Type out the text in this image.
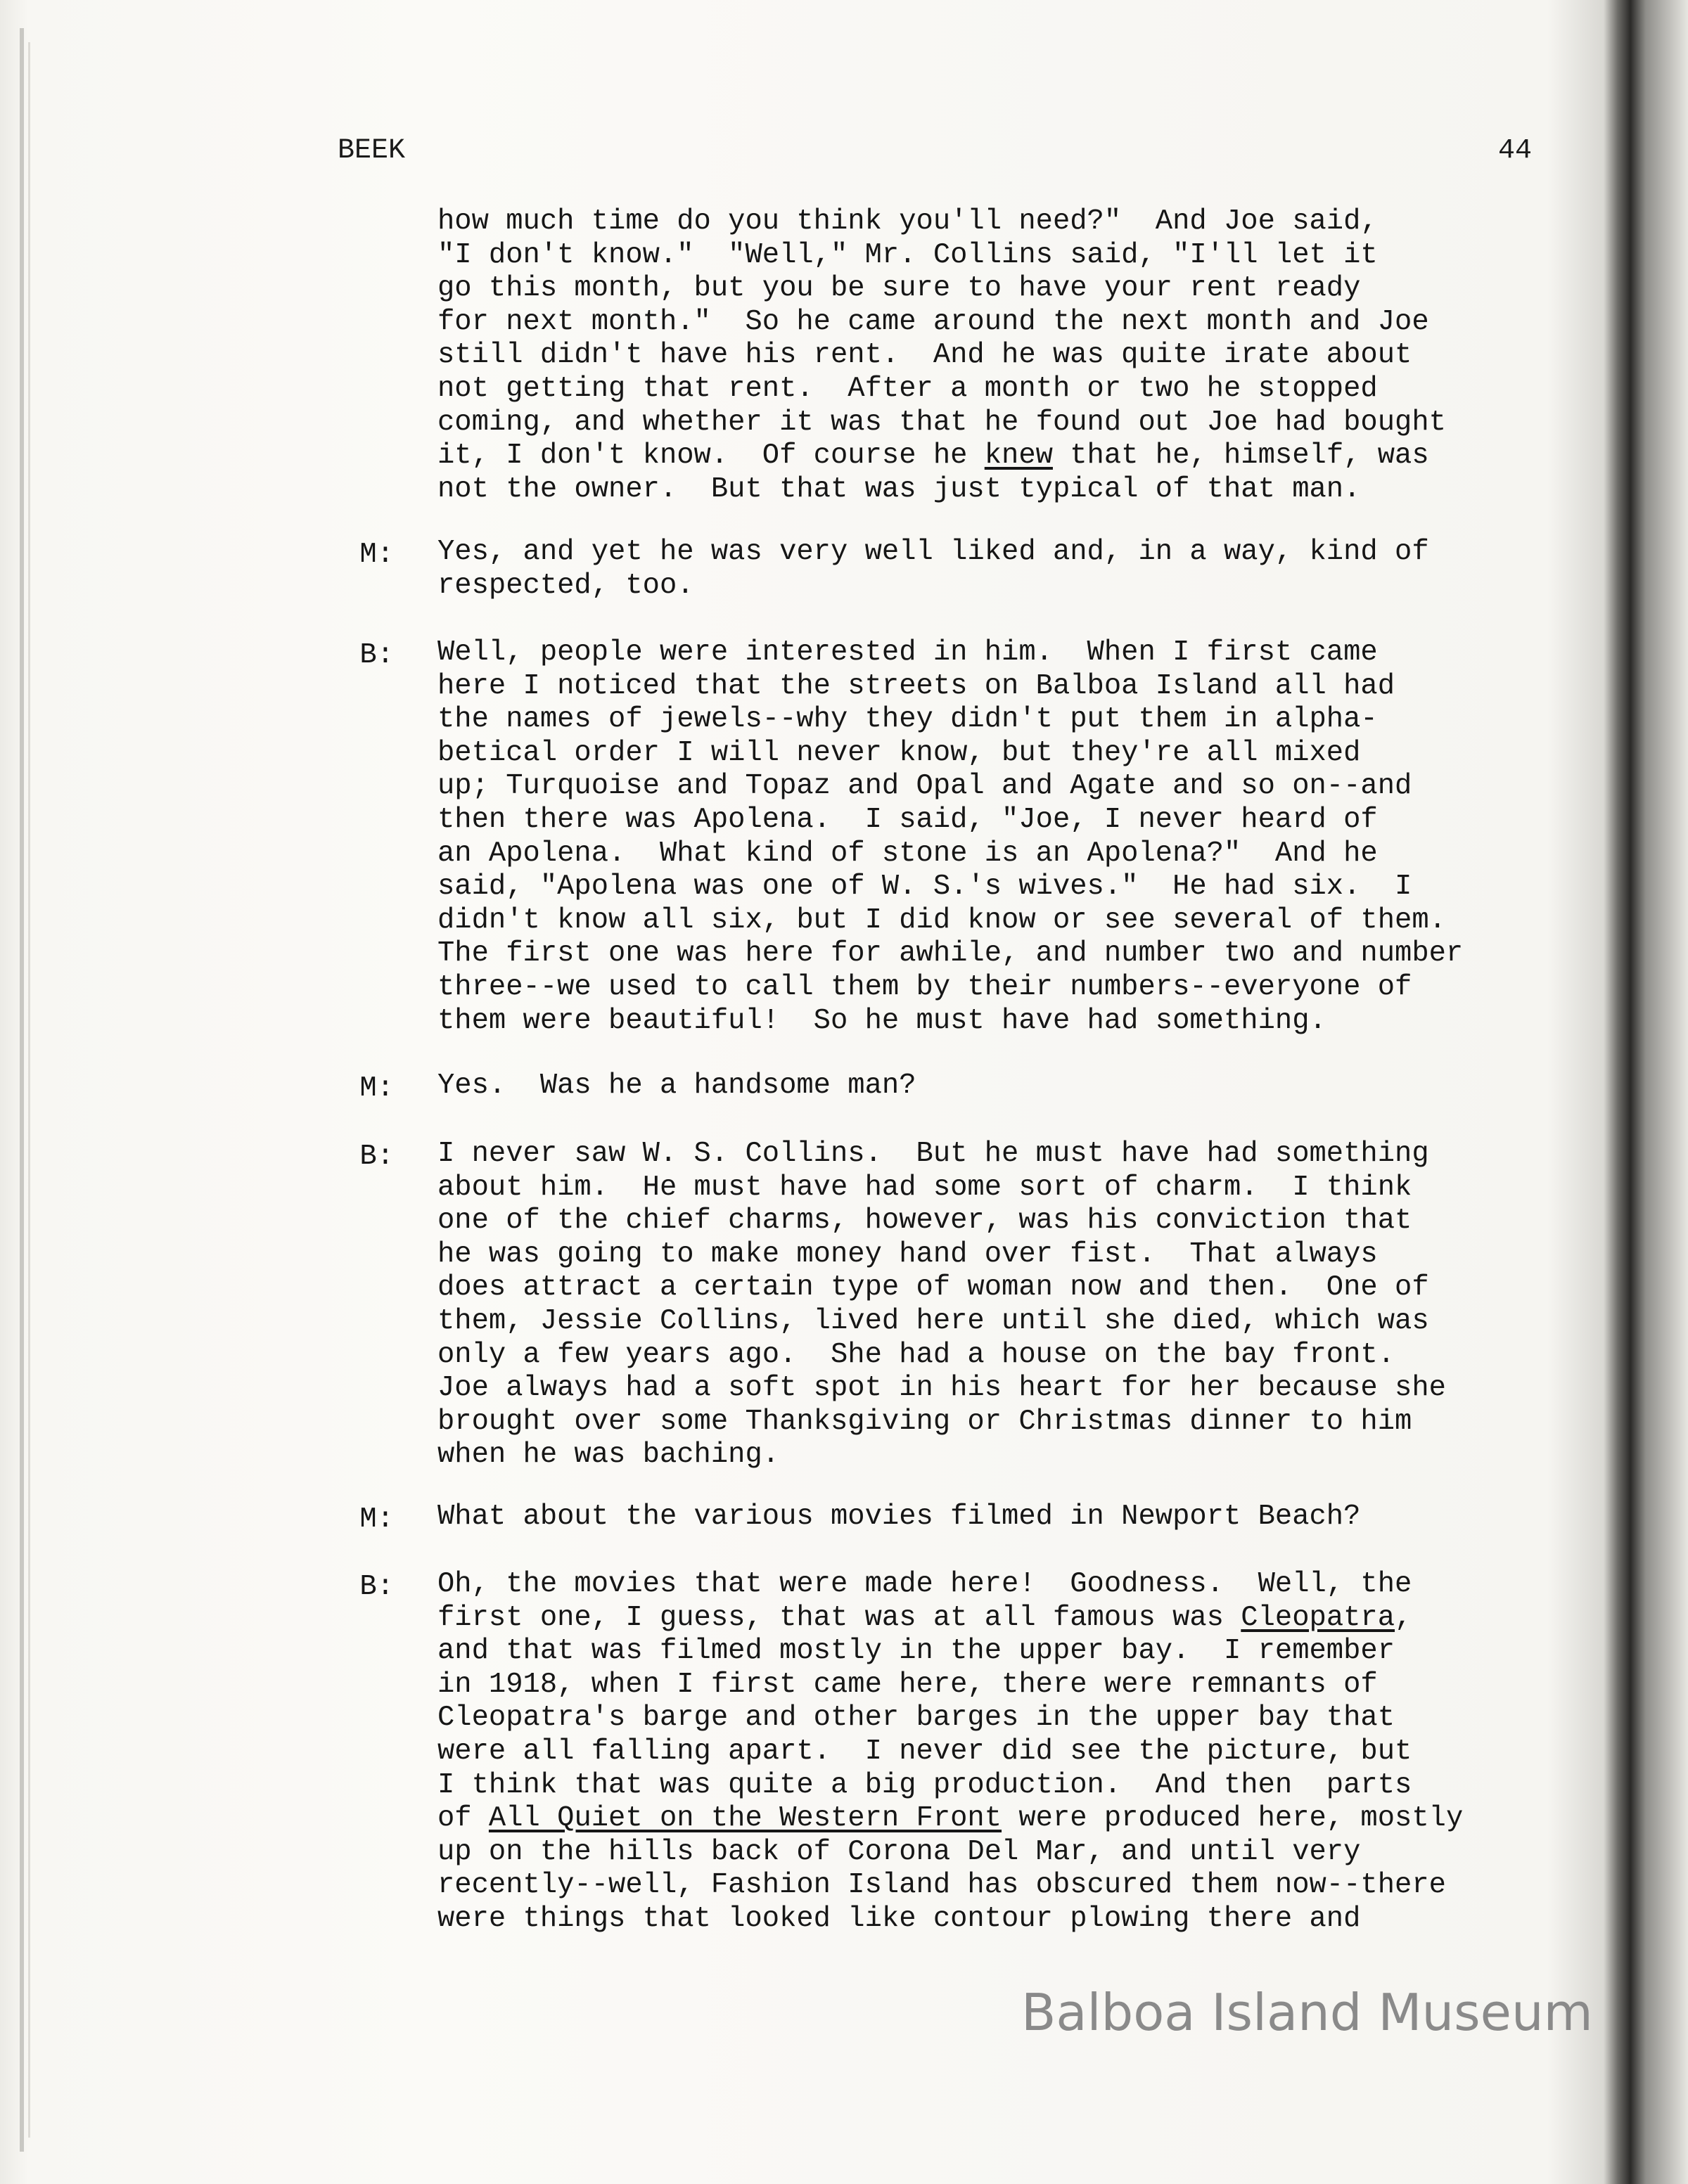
BEEK	44
how much time do you think you'll need?"  And Joe said,
"I don't know."  "Well," Mr. Collins said, "I'll let it
go this month, but you be sure to have your rent ready
for next month."  So he came around the next month and Joe
still didn't have his rent.  And he was quite irate about
not getting that rent.  After a month or two he stopped
coming, and whether it was that he found out Joe had bought
it, I don't know.  Of course he knew that he, himself, was
not the owner.  But that was just typical of that man.
M: Yes, and yet he was very well liked and, in a way, kind of
respected, too.
B: Well, people were interested in him.  When I first came
here I noticed that the streets on Balboa Island all had
the names of jewels--why they didn't put them in alpha-
betical order I will never know, but they're all mixed
up; Turquoise and Topaz and Opal and Agate and so on--and
then there was Apolena.  I said, "Joe, I never heard of
an Apolena.  What kind of stone is an Apolena?"  And he
said, "Apolena was one of W. S.'s wives."  He had six.  I
didn't know all six, but I did know or see several of them.
The first one was here for awhile, and number two and number
three--we used to call them by their numbers--everyone of
them were beautiful!  So he must have had something.
M: Yes.  Was he a handsome man?
B: I never saw W. S. Collins.  But he must have had something
about him.  He must have had some sort of charm.  I think
one of the chief charms, however, was his conviction that
he was going to make money hand over fist.  That always
does attract a certain type of woman now and then.  One of
them, Jessie Collins, lived here until she died, which was
only a few years ago.  She had a house on the bay front.
Joe always had a soft spot in his heart for her because she
brought over some Thanksgiving or Christmas dinner to him
when he was baching.
M: What about the various movies filmed in Newport Beach?
B: Oh, the movies that were made here!  Goodness.  Well, the
first one, I guess, that was at all famous was Cleopatra,
and that was filmed mostly in the upper bay.  I remember
in 1918, when I first came here, there were remnants of
Cleopatra's barge and other barges in the upper bay that
were all falling apart.  I never did see the picture, but
I think that was quite a big production.  And then  parts
of All Quiet on the Western Front were produced here, mostly
up on the hills back of Corona Del Mar, and until very
recently--well, Fashion Island has obscured them now--there
were things that looked like contour plowing there and
Balboa Island Museum
